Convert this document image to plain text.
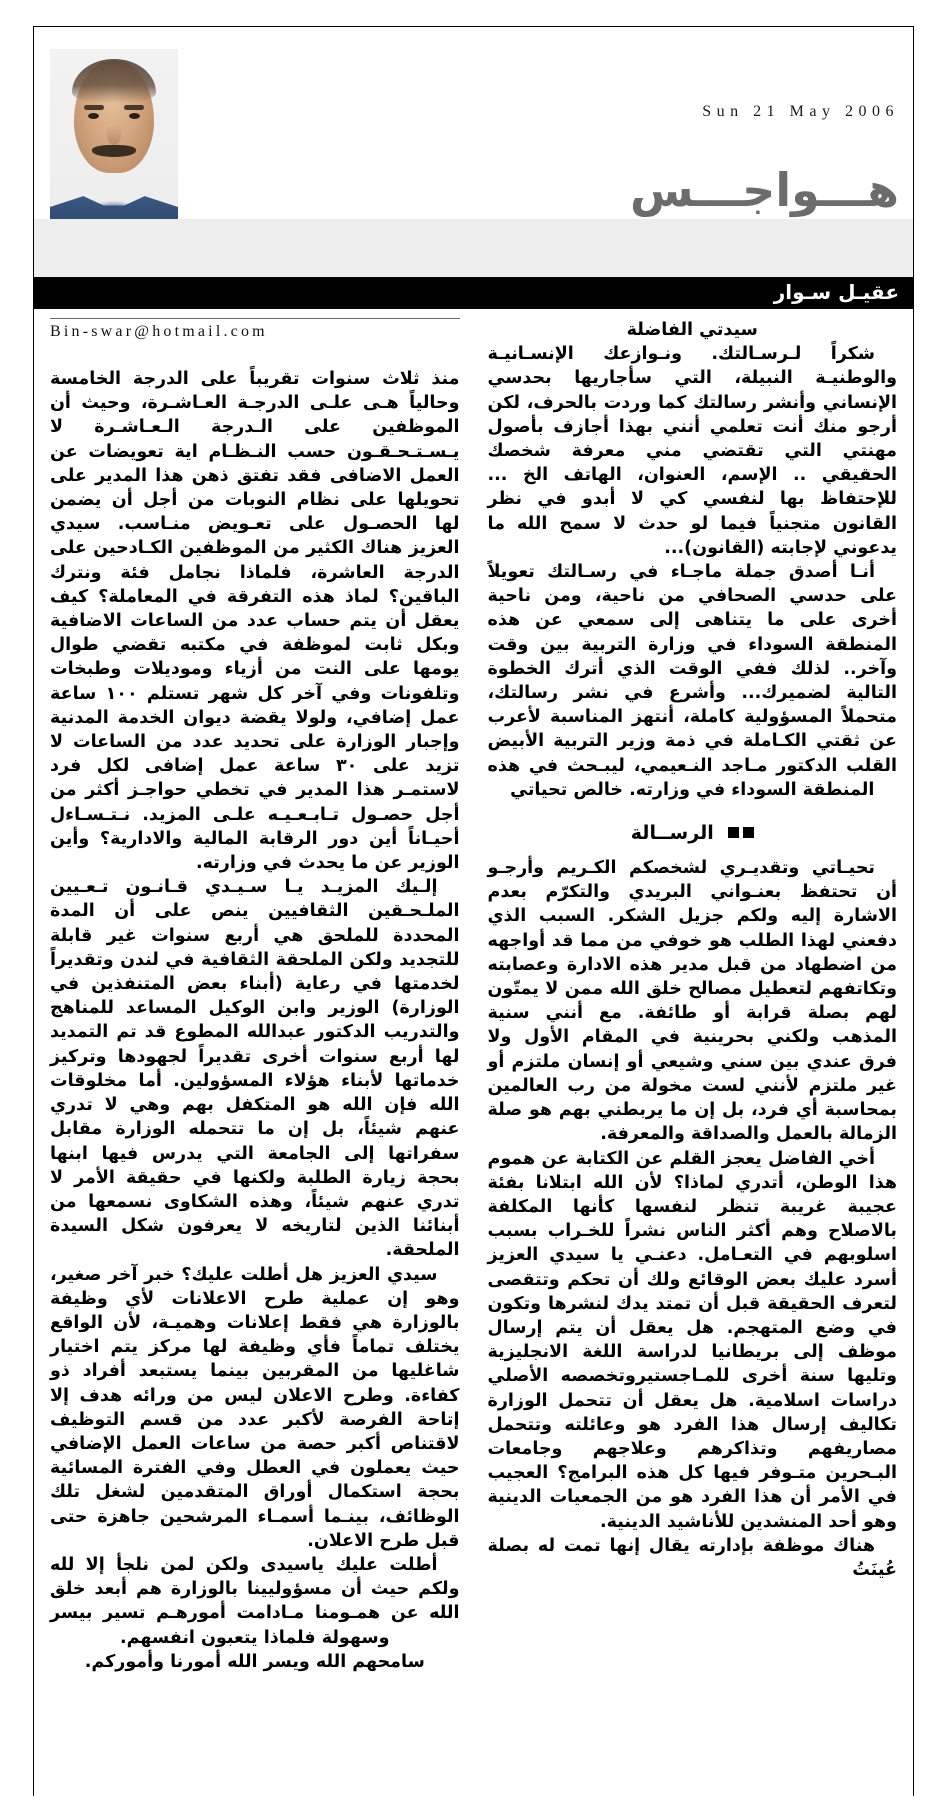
Sun 21 May 2006
هـــواجـــس
عقيـل سـوار

سيدتي الفاضلة

شكراً لـرسـالتك. ونـوازعك الإنسـانيـة والوطنيـة النبيلة، التي سأجاريها بحدسي الإنساني وأنشر رسالتك كما وردت بالحرف، لكن أرجو منك أنت تعلمي أنني بهذا أجازف بأصول مهنتي التي تقتضي مني معرفة شخصك الحقيقي .. الإسم، العنوان، الهاتف الخ ... للإحتفاظ بها لنفسي كي لا أبدو في نظر القانون متجنياً فيما لو حدث لا سمح الله ما يدعوني لإجابته (القانون)...

أنـا أصدق جملة ماجـاء في رسـالتك تعويلاً على حدسي الصحافي من ناحية، ومن ناحية أخرى على ما يتناهى إلى سمعي عن هذه المنطقة السوداء في وزارة التربية بين وقت وآخر.. لذلك ففي الوقت الذي أترك الخطوة التالية لضميرك... وأشرع في نشر رسالتك، متحملاً المسؤولية كاملة، أنتهز المناسبة لأعرب عن ثقتي الكـاملة في ذمة وزير التربية الأبيض القلب الدكتور مـاجد النـعيمي، ليبـحث في هذه المنطقة السوداء في وزارته. خالص تحياتي

الرســالة

تحيـاتي وتقديـري لشخصكم الكـريم وأرجـو أن تحتفظ بعنـواني البريدي والتكرّم بعدم الاشارة إليه ولكم جزيل الشكر. السبب الذي دفعني لهذا الطلب هو خوفي من مما قد أواجهه من اضطهاد من قبل مدير هذه الادارة وعصابته وتكاتفهم لتعطيل مصالح خلق الله ممن لا يمتّون لهم بصلة قرابة أو طائفة. مع أنني سنية المذهب ولكني بحرينية في المقام الأول ولا فرق عندي بين سني وشيعي أو إنسان ملتزم أو غير ملتزم لأنني لست مخولة من رب العالمين بمحاسبة أي فرد، بل إن ما يربطني بهم هو صلة الزمالة بالعمل والصداقة والمعرفة.

أخي الفاضل يعجز القلم عن الكتابة عن هموم هذا الوطن، أتدري لماذا؟ لأن الله ابتلانا بفئة عجيبة غريبة تنظر لنفسها كأنها المكلفة بالاصلاح وهم أكثر الناس نشراً للخـراب بسبب اسلوبهم في التعـامل. دعنـي يا سيدي العزيز أسرد عليك بعض الوقائع ولك أن تحكم وتتقصى لتعرف الحقيقة قبل أن تمتد يدك لنشرها وتكون في وضع المتهجم. هل يعقل أن يتم إرسال موظف إلى بريطانيا لدراسة اللغة الانجليزية وتليها سنة أخرى للمـاجستيروتخصصه الأصلي دراسات اسلامية. هل يعقل أن تتحمل الوزارة تكاليف إرسال هذا الفرد هو وعائلته وتتحمل مصاريفهم وتذاكرهم وعلاجهم وجامعات البـحرين متـوفر فيها كل هذه البرامج؟ العجيب في الأمر أن هذا الفرد هو من الجمعيات الدينية وهو أحد المنشدين للأناشيد الدينية.

هناك موظفة بإدارته يقال إنها تمت له بصلة عُينَتُ

Bin-swar@hotmail.com

منذ ثلاث سنوات تقريباً على الدرجة الخامسة وحالياً هـى علـى الدرجـة العـاشـرة، وحيث أن الموظفين على الـدرجة الـعـاشـرة لا يـسـتـحـقـون حسب النـظـام اية تعويضات عن العمل الاضافى فقد تفتق ذهن هذا المدير على تحويلها على نظام النوبات من أجل أن يضمن لها الحصـول على تعـويض منـاسب. سيدي العزيز هناك الكثير من الموظفين الكـادحين على الدرجة العاشرة، فلماذا نجامل فئة ونترك الباقين؟ لماذ هذه التفرقة في المعاملة؟ كيف يعقل أن يتم حساب عدد من الساعات الاضافية وبكل ثابت لموظفة في مكتبه تقضي طوال يومها على النت من أزياء وموديلات وطبخات وتلفونات وفي آخر كل شهر تستلم ١٠٠ ساعة عمل إضافي، ولولا يقضة ديوان الخدمة المدنية وإجبار الوزارة على تحديد عدد من الساعات لا تزيد على ٣٠ ساعة عمل إضافى لكل فرد لاستمـر هذا المدير في تخطي حواجـز أكثر من أجل حصـول تـابـعـيـه علـى المزيد. نـتـسـاءل أحيـاناً أين دور الرقابة المالية والادارية؟ وأين الوزير عن ما يحدث في وزارته.

إلـيك المزيـد يـا سـيـدي قـانـون تـعـيين الملـحـقين الثقافيين ينص على أن المدة المحددة للملحق هي أربع سنوات غير قابلة للتجديد ولكن الملحقة الثقافية في لندن وتقديراً لخدمتها في رعاية (أبناء بعض المتنفذين في الوزارة) الوزير وابن الوكيل المساعد للمناهج والتدريب الدكتور عبدالله المطوع قد تم التمديد لها أربع سنوات أخرى تقديراً لجهودها وتركيز خدماتها لأبناء هؤلاء المسؤولين. أما مخلوقات الله فإن الله هو المتكفل بهم وهي لا تدري عنهم شيئاً، بل إن ما تتحمله الوزارة مقابل سفراتها إلى الجامعة التي يدرس فيها ابنها بحجة زيارة الطلبة ولكنها في حقيقة الأمر لا تدري عنهم شيئاً، وهذه الشكاوى نسمعها من أبنائنا الذين لتاريخه لا يعرفون شكل السيدة الملحقة.

سيدي العزيز هل أطلت عليك؟ خبر آخر صغير، وهو إن عملية طرح الاعلانات لأي وظيفة بالوزارة هي فقط إعلانات وهميـة، لأن الواقع يختلف تماماً فأي وظيفة لها مركز يتم اختيار شاغليها من المقربين بينما يستبعد أفراد ذو كفاءة. وطرح الاعلان ليس من ورائه هدف إلا إتاحة الفرصة لأكبر عدد من قسم التوظيف لاقتناص أكبر حصة من ساعات العمل الإضافي حيث يعملون في العطل وفي الفترة المسائية بحجة استكمال أوراق المتقدمين لشغل تلك الوظائف، بينـما أسمـاء المرشحين جاهزة حتى قبل طرح الاعلان.

أطلت عليك ياسيدى ولكن لمن نلجأ إلا لله ولكم حيث أن مسؤوليينا بالوزارة هم أبعد خلق الله عن همـومنا مـادامت أمورهـم تسير بيسر وسهولة فلماذا يتعبون انفسهم.

سامحهم الله ويسر الله أمورنا وأموركم.
